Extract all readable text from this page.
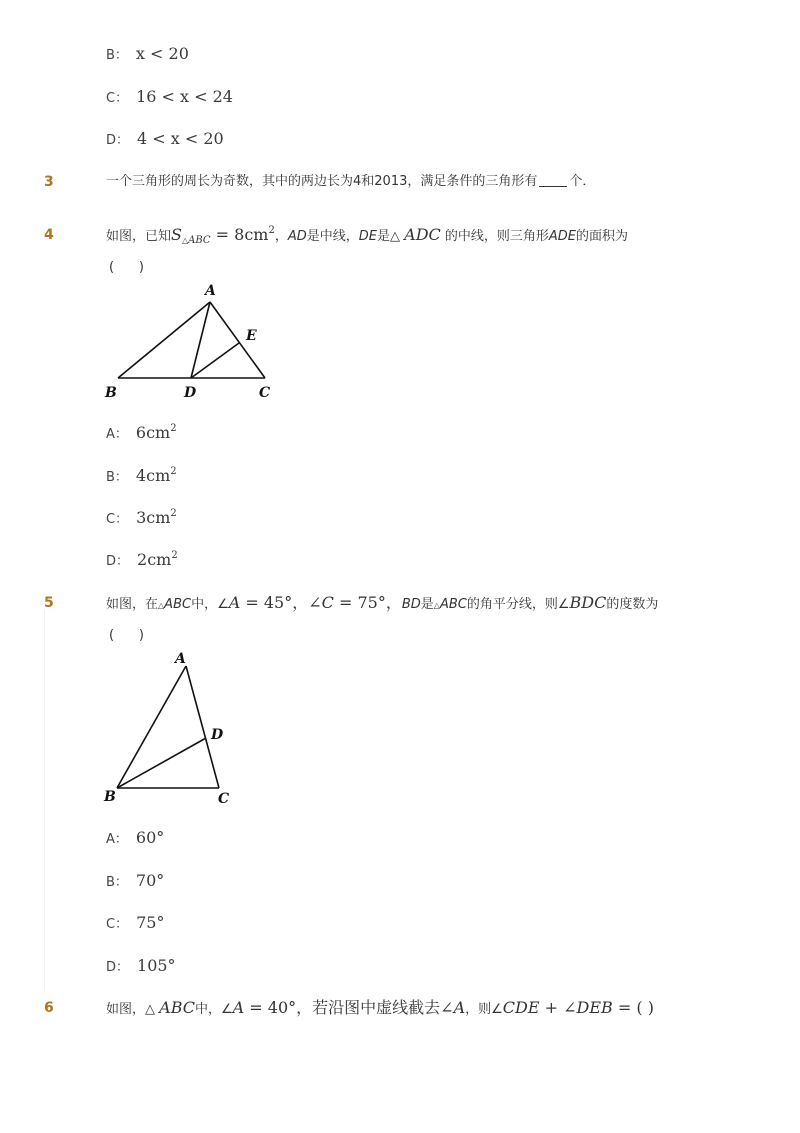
B： x < 20
C： 16 < x < 24
D： 4 < x < 20
3	一个三角形的周长为奇数，其中的两边长为4和2013，满足条件的三角形有 个．
4	如图，已知$S_{\triangle ABC} = 8cm^2$，AD是中线，DE是△ ADC 的中线，则三角形ADE的面积为
(      )
A
B	C
D
E
A： $6cm^2$
B： $4cm^2$
C： $3cm^2$
D： $2cm^2$
5	如图，在△ABC中，∠A = 45°，∠C = 75°，BD是△ABC的角平分线，则∠BDC的度数为
(      )
A
B	C
D
A： 60°
B： 70°
C： 75°
D： 105°
6	如图，△ ABC中，∠A = 40°，若沿图中虚线截去∠A，则∠CDE + ∠DEB = ( )
